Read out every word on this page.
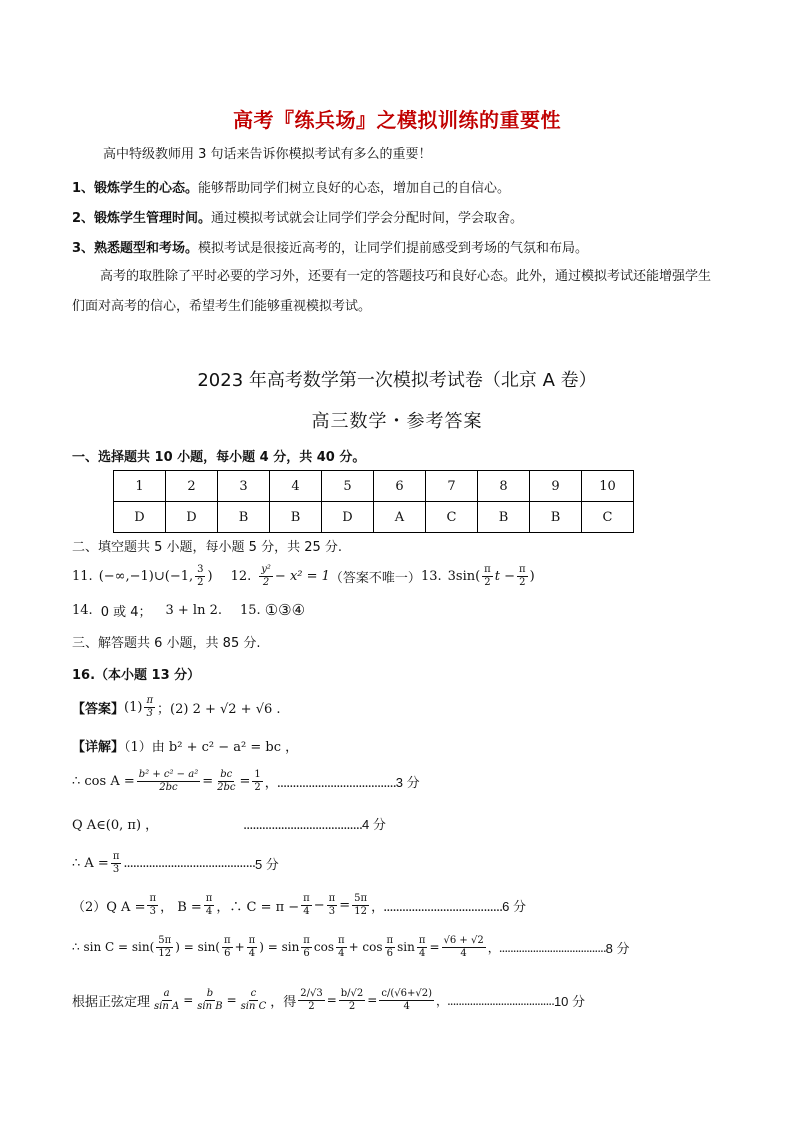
高考『练兵场』之模拟训练的重要性
高中特级教师用 3 句话来告诉你模拟考试有多么的重要！
1、锻炼学生的心态。能够帮助同学们树立良好的心态，增加自己的自信心。
2、锻炼学生管理时间。通过模拟考试就会让同学们学会分配时间，学会取舍。
3、熟悉题型和考场。模拟考试是很接近高考的，让同学们提前感受到考场的气氛和布局。
高考的取胜除了平时必要的学习外，还要有一定的答题技巧和良好心态。此外，通过模拟考试还能增强学生们面对高考的信心，希望考生们能够重视模拟考试。
2023 年高考数学第一次模拟考试卷（北京 A 卷）
高三数学・参考答案
一、选择题共 10 小题，每小题 4 分，共 40 分。
1	2	3	4	5	6	7	8	9	10
D	D	B	B	D	A	C	B	B	C
二、填空题共 5 小题，每小题 5 分，共 25 分.
11. (−∞,−1)∪(−1, $\frac{3}{2}$ ) 12. $\frac{\text{y²}}{2} - x^2 = 1$ （答案不唯一） 13. $3\sin( \frac{\pi}{2}$ $t - \frac{\pi}{2}$ )
14. 0 或 4； 3 + ln 2 . 15. ①③④
三、解答题共 6 小题，共 85 分.
16.（本小题 13 分）
【答案】 $(1) \frac{\pi}{3}$ ；(2) 2 + √2 + √6 .
【详解】（1）由 b² + c² − a² = bc ，
∴ $\cos A = \frac{\text{b² + c² − a²}}{2bc} = \frac{bc}{2bc} = \frac{1}{2}$ ，...................................... 3 分
Q A∈(0, π) ，	......................................4 分
∴ $A = \frac{\pi}{3}$ .......................................... 5 分
（2）Q $A = \frac{\pi}{3}$ ， $B = \frac{\pi}{4}$ ，∴ $C = \pi - \frac{\pi}{4} - \frac{\pi}{3} = \frac{5\pi}{12}$ ，...................................... 6 分
∴ $\sin C = \sin( \frac{5\pi}{12}$ ) = $\sin( \frac{\pi}{6} + \frac{\pi}{4}$ ) = $\sin \frac{\pi}{6}$ $\cos \frac{\pi}{4} + \cos \frac{\pi}{6}$ $\sin \frac{\pi}{4} = \frac{√6 + √2}{4}$ ，...................................... 8 分
根据正弦定理 $\frac{a}{\text{sin A}} = \frac{b}{\text{sin B}} = \frac{c}{\text{sin C}}$ ，得 $\frac{2/√3}{2} = \frac{b/√2}{2} = \frac{c/(√6+√2)}{4}$ ，...................................... 10 分
